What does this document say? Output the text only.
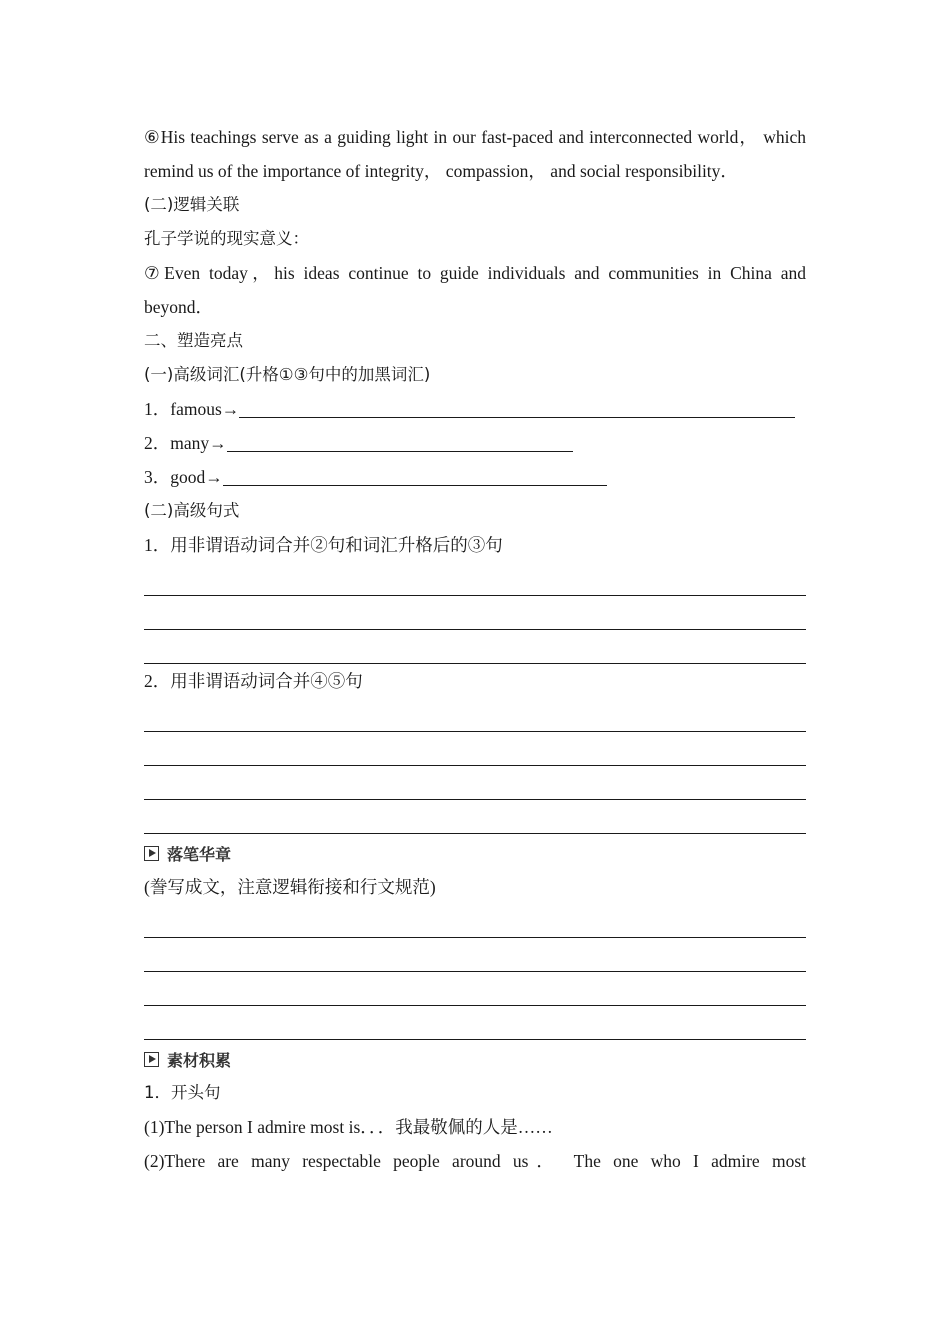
⑥His teachings serve as a guiding light in our fast-paced and interconnected world， which remind us of the importance of integrity， compassion， and social responsibility．

(二)逻辑关联

孔子学说的现实意义：

⑦Even today，his ideas continue to guide individuals and communities in China and beyond．

二、塑造亮点

(一)高级词汇(升格①③句中的加黑词汇)

1．famous→
2．many→
3．good→

(二)高级句式

1．用非谓语动词合并②句和词汇升格后的③句
2．用非谓语动词合并④⑤句
落笔华章
(誊写成文，注意逻辑衔接和行文规范)
素材积累

1．开头句

(1)The person I admire most is．．．我最敬佩的人是……

(2)There are many respectable people around us． The one who I admire most
